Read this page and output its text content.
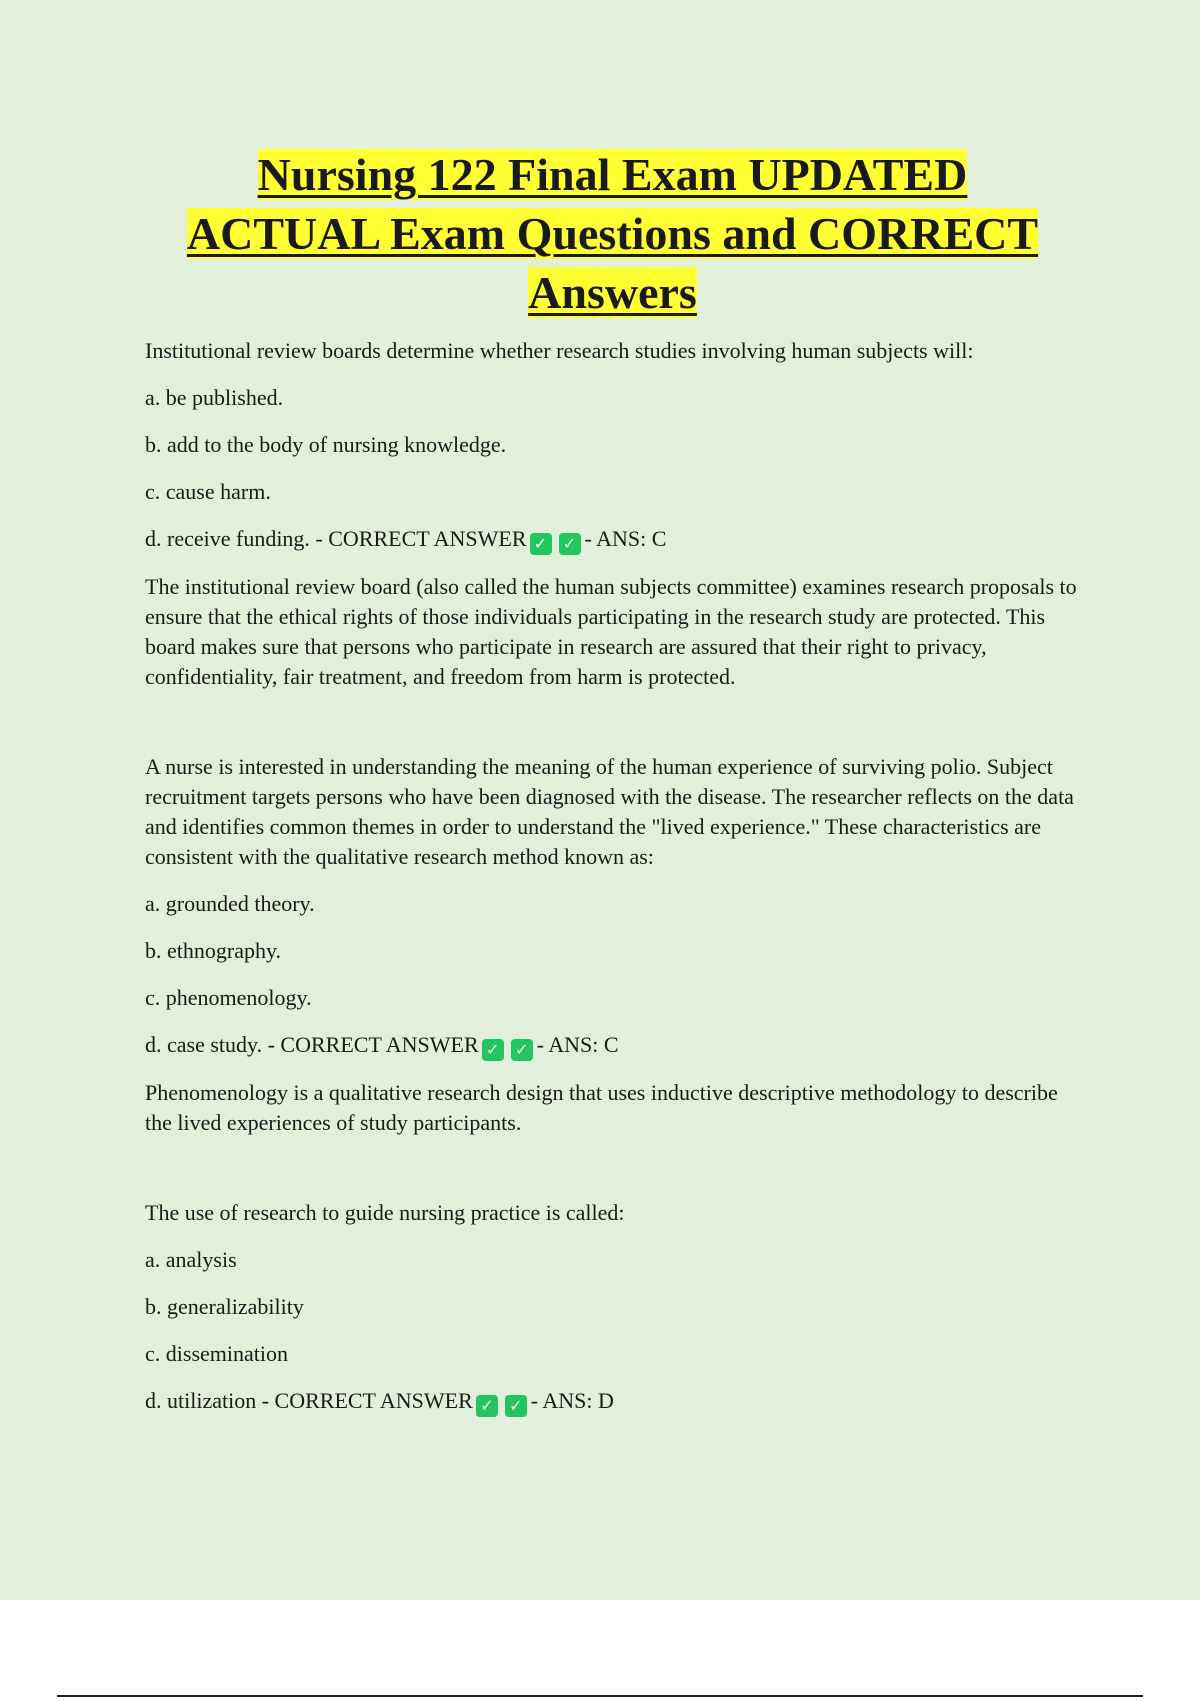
Nursing 122 Final Exam UPDATED
ACTUAL Exam Questions and CORRECT
Answers

Institutional review boards determine whether research studies involving human subjects will:

a. be published.

b. add to the body of nursing knowledge.

c. cause harm.

d. receive funding. - CORRECT ANSWER ✓ ✓ - ANS: C

The institutional review board (also called the human subjects committee) examines research proposals to ensure that the ethical rights of those individuals participating in the research study are protected. This board makes sure that persons who participate in research are assured that their right to privacy, confidentiality, fair treatment, and freedom from harm is protected.

A nurse is interested in understanding the meaning of the human experience of surviving polio. Subject recruitment targets persons who have been diagnosed with the disease. The researcher reflects on the data and identifies common themes in order to understand the "lived experience." These characteristics are consistent with the qualitative research method known as:

a. grounded theory.

b. ethnography.

c. phenomenology.

d. case study. - CORRECT ANSWER ✓ ✓ - ANS: C

Phenomenology is a qualitative research design that uses inductive descriptive methodology to describe the lived experiences of study participants.

The use of research to guide nursing practice is called:

a. analysis

b. generalizability

c. dissemination

d. utilization - CORRECT ANSWER ✓ ✓ - ANS: D
